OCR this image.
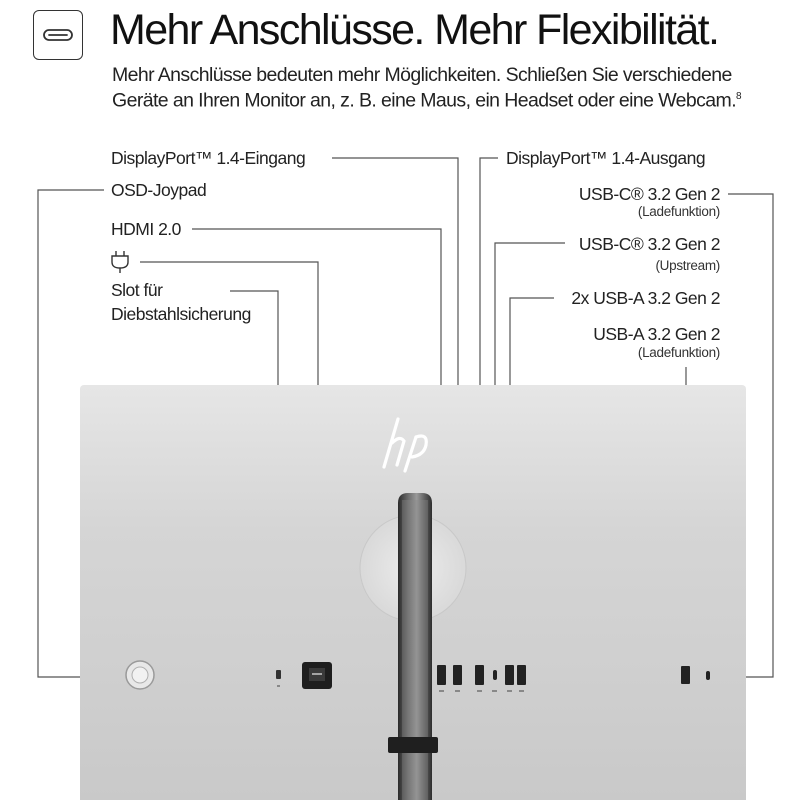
Mehr Anschlüsse. Mehr Flexibilität.
Mehr Anschlüsse bedeuten mehr Möglichkeiten. Schließen Sie verschiedene Geräte an Ihren Monitor an, z. B. eine Maus, ein Headset oder eine Webcam.$^8$
DisplayPort™ 1.4-Eingang
OSD-Joypad
HDMI 2.0
Slot für
Diebstahlsicherung
DisplayPort™ 1.4-Ausgang
USB-C® 3.2 Gen 2
(Ladefunktion)
USB-C® 3.2 Gen 2
(Upstream)
2x USB-A 3.2 Gen 2
USB-A 3.2 Gen 2
(Ladefunktion)
